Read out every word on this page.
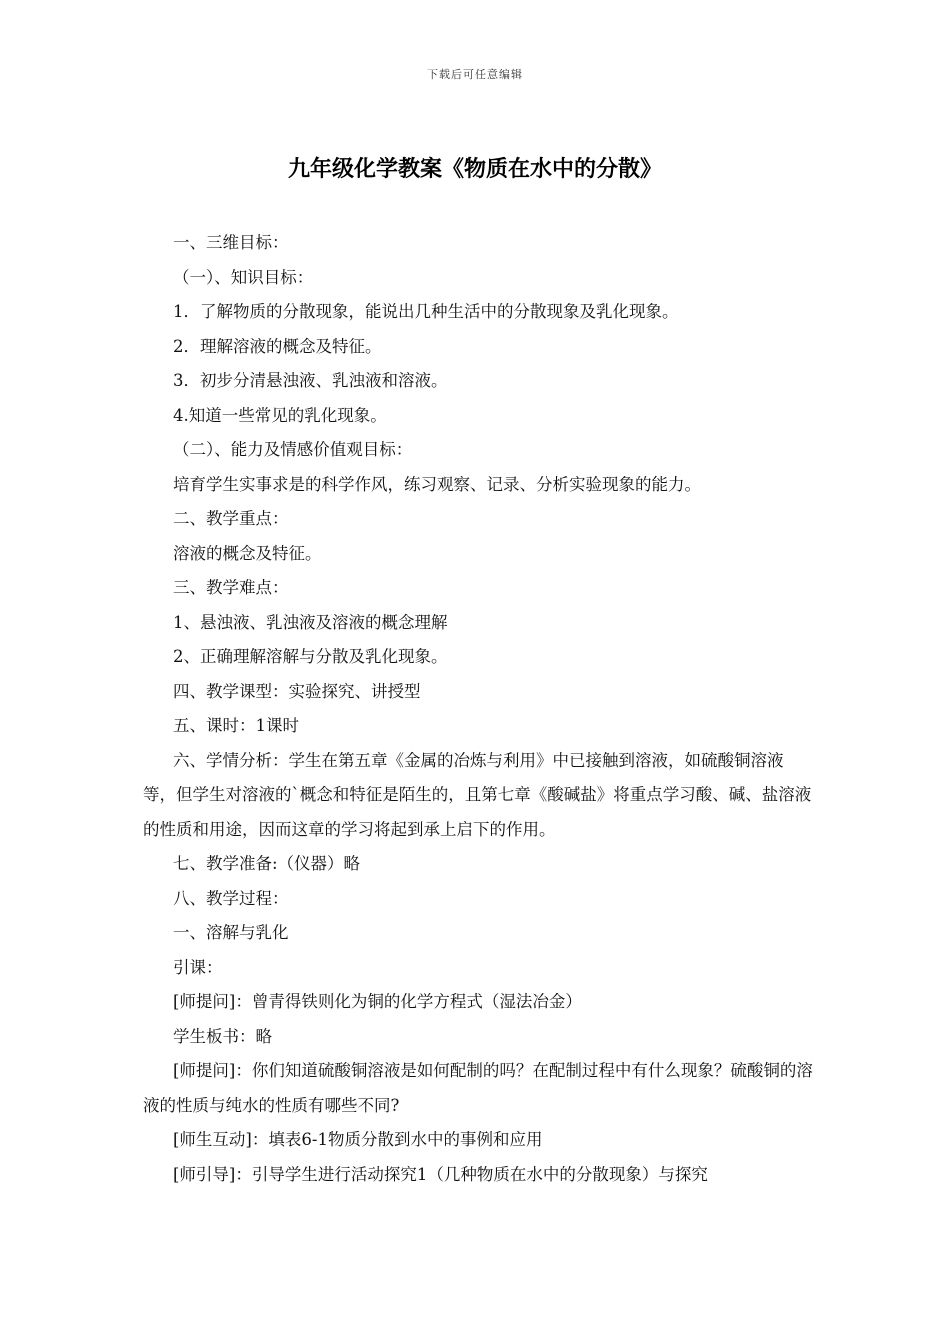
下载后可任意编辑
九年级化学教案《物质在水中的分散》

一、三维目标：

（一）、知识目标：

1．了解物质的分散现象，能说出几种生活中的分散现象及乳化现象。

2．理解溶液的概念及特征。

3．初步分清悬浊液、乳浊液和溶液。

4.知道一些常见的乳化现象。

（二）、能力及情感价值观目标：

培育学生实事求是的科学作风，练习观察、记录、分析实验现象的能力。

二、教学重点：

溶液的概念及特征。

三、教学难点：

1、悬浊液、乳浊液及溶液的概念理解

2、正确理解溶解与分散及乳化现象。

四、教学课型：实验探究、讲授型

五、课时：1课时

六、学情分析：学生在第五章《金属的冶炼与利用》中已接触到溶液，如硫酸铜溶液等，但学生对溶液的`概念和特征是陌生的，且第七章《酸碱盐》将重点学习酸、碱、盐溶液的性质和用途，因而这章的学习将起到承上启下的作用。

七、教学准备:（仪器）略

八、教学过程：

一、溶解与乳化

引课：

[师提问]：曾青得铁则化为铜的化学方程式（湿法冶金）

学生板书：略

[师提问]：你们知道硫酸铜溶液是如何配制的吗？在配制过程中有什么现象？硫酸铜的溶液的性质与纯水的性质有哪些不同?

[师生互动]：填表6-1物质分散到水中的事例和应用

[师引导]：引导学生进行活动探究1（几种物质在水中的分散现象）与探究
